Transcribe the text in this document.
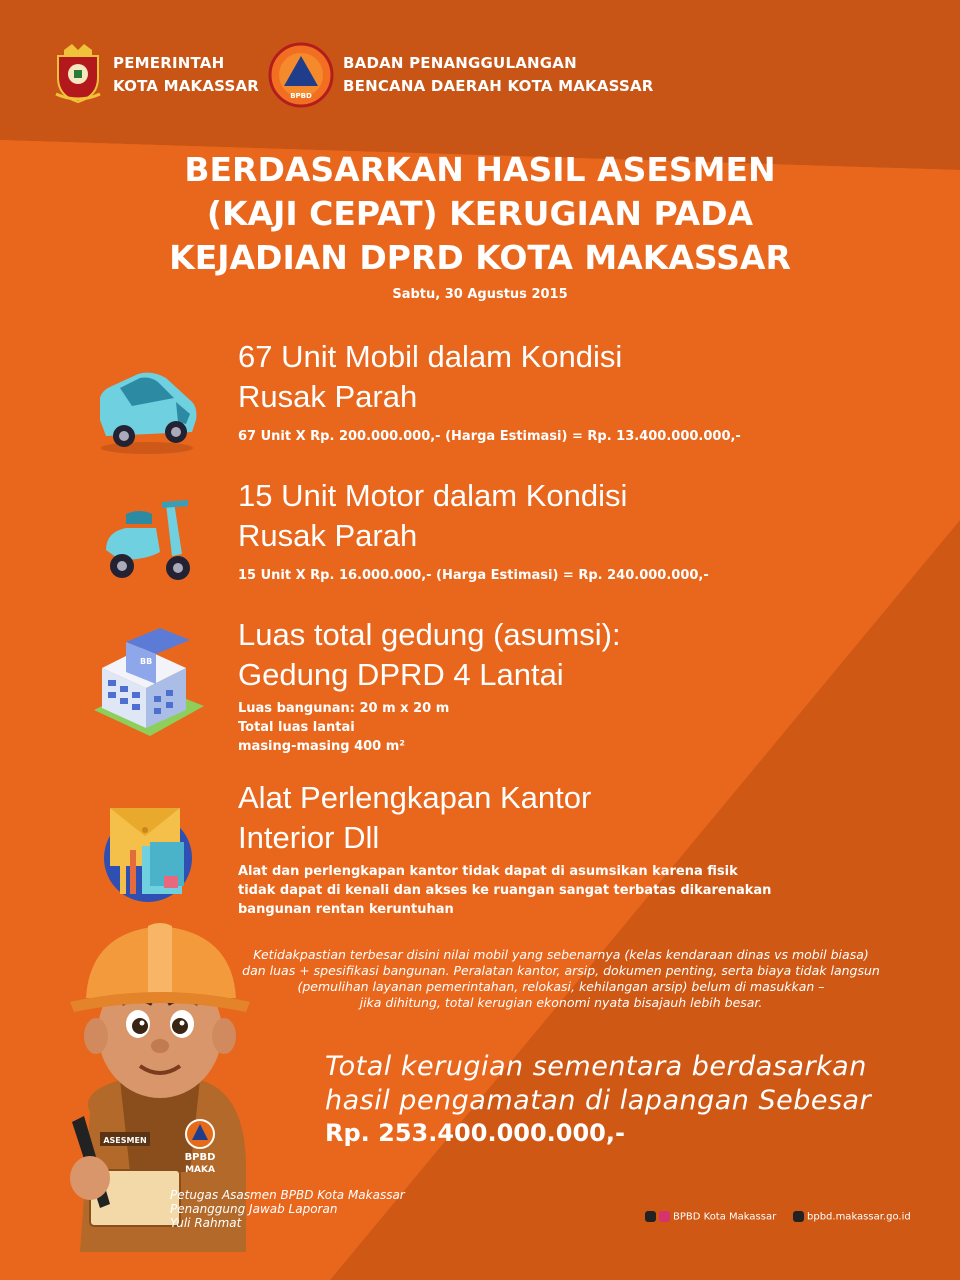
PEMERINTAH
KOTA MAKASSAR
BPBD
BADAN PENANGGULANGAN
BENCANA DAERAH KOTA MAKASSAR
BERDASARKAN HASIL ASESMEN
(KAJI CEPAT) KERUGIAN PADA
KEJADIAN DPRD KOTA MAKASSAR
Sabtu, 30 Agustus 2015
67 Unit Mobil dalam Kondisi
Rusak Parah
67 Unit X Rp. 200.000.000,- (Harga Estimasi) = Rp. 13.400.000.000,-
15 Unit Motor dalam Kondisi
Rusak Parah
15 Unit X Rp. 16.000.000,- (Harga Estimasi) = Rp. 240.000.000,-
BB
Luas total gedung (asumsi):
Gedung DPRD 4 Lantai
Luas bangunan: 20 m x 20 m
Total luas lantai
masing-masing 400 m²
Alat Perlengkapan Kantor
Interior Dll
Alat dan perlengkapan kantor tidak dapat di asumsikan karena fisik
tidak dapat di kenali dan akses ke ruangan sangat terbatas dikarenakan
bangunan rentan keruntuhan
ASESMEN
BPBD
MAKA
Ketidakpastian terbesar disini nilai mobil yang sebenarnya (kelas kendaraan dinas vs mobil biasa)
dan luas + spesifikasi bangunan. Peralatan kantor, arsip, dokumen penting, serta biaya tidak langsun
(pemulihan layanan pemerintahan, relokasi, kehilangan arsip) belum di masukkan –
jika dihitung, total kerugian ekonomi nyata bisajauh lebih besar.
Total kerugian sementara berdasarkan
hasil pengamatan di lapangan Sebesar
Rp. 253.400.000.000,-
Petugas Asasmen BPBD Kota Makassar
Penanggung Jawab Laporan
Yuli Rahmat	BPBD Kota Makassar	bpbd.makassar.go.id
